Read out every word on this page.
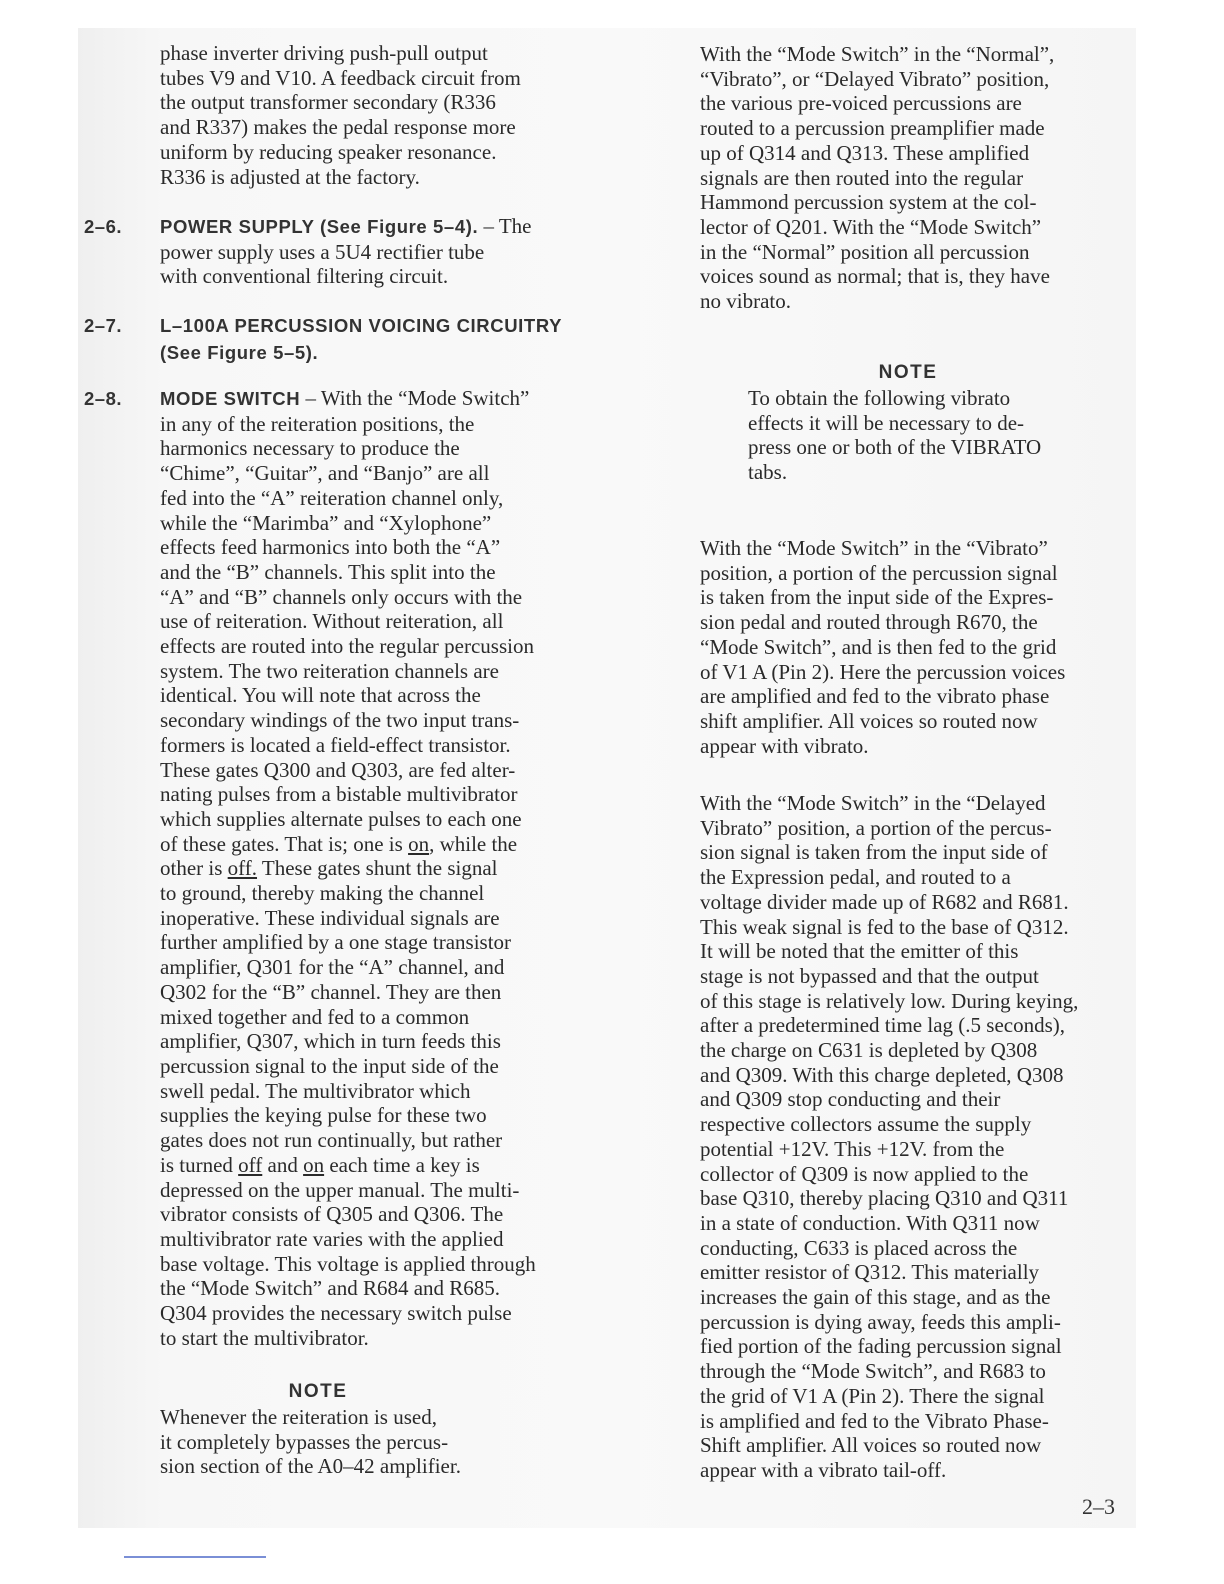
phase inverter driving push-pull output
tubes V9 and V10. A feedback circuit from
the output transformer secondary (R336
and R337) makes the pedal response more
uniform by reducing speaker resonance.
R336 is adjusted at the factory.

2–6. POWER SUPPLY (See Figure 5–4). – The

power supply uses a 5U4 rectifier tube
with conventional filtering circuit.

2–7. L–100A PERCUSSION VOICING CIRCUITRY
(See Figure 5–5).
2–8. MODE SWITCH – With the “Mode Switch”

in any of the reiteration positions, the
harmonics necessary to produce the
“Chime”, “Guitar”, and “Banjo” are all
fed into the “A” reiteration channel only,
while the “Marimba” and “Xylophone”
effects feed harmonics into both the “A”
and the “B” channels. This split into the
“A” and “B” channels only occurs with the
use of reiteration. Without reiteration, all
effects are routed into the regular percussion
system. The two reiteration channels are
identical. You will note that across the
secondary windings of the two input trans-
formers is located a field-effect transistor.
These gates Q300 and Q303, are fed alter-
nating pulses from a bistable multivibrator
which supplies alternate pulses to each one
of these gates. That is; one is on, while the
other is off. These gates shunt the signal
to ground, thereby making the channel
inoperative. These individual signals are
further amplified by a one stage transistor
amplifier, Q301 for the “A” channel, and
Q302 for the “B” channel. They are then
mixed together and fed to a common
amplifier, Q307, which in turn feeds this
percussion signal to the input side of the
swell pedal. The multivibrator which
supplies the keying pulse for these two
gates does not run continually, but rather
is turned off and on each time a key is
depressed on the upper manual. The multi-
vibrator consists of Q305 and Q306. The
multivibrator rate varies with the applied
base voltage. This voltage is applied through
the “Mode Switch” and R684 and R685.
Q304 provides the necessary switch pulse
to start the multivibrator.

NOTE

Whenever the reiteration is used,
it completely bypasses the percus-
sion section of the A0–42 amplifier.

With the “Mode Switch” in the “Normal”,
“Vibrato”, or “Delayed Vibrato” position,
the various pre-voiced percussions are
routed to a percussion preamplifier made
up of Q314 and Q313. These amplified
signals are then routed into the regular
Hammond percussion system at the col-
lector of Q201. With the “Mode Switch”
in the “Normal” position all percussion
voices sound as normal; that is, they have
no vibrato.

NOTE

To obtain the following vibrato
effects it will be necessary to de-
press one or both of the VIBRATO
tabs.

With the “Mode Switch” in the “Vibrato”
position, a portion of the percussion signal
is taken from the input side of the Expres-
sion pedal and routed through R670, the
“Mode Switch”, and is then fed to the grid
of V1 A (Pin 2). Here the percussion voices
are amplified and fed to the vibrato phase
shift amplifier. All voices so routed now
appear with vibrato.

With the “Mode Switch” in the “Delayed
Vibrato” position, a portion of the percus-
sion signal is taken from the input side of
the Expression pedal, and routed to a
voltage divider made up of R682 and R681.
This weak signal is fed to the base of Q312.
It will be noted that the emitter of this
stage is not bypassed and that the output
of this stage is relatively low. During keying,
after a predetermined time lag (.5 seconds),
the charge on C631 is depleted by Q308
and Q309. With this charge depleted, Q308
and Q309 stop conducting and their
respective collectors assume the supply
potential +12V. This +12V. from the
collector of Q309 is now applied to the
base Q310, thereby placing Q310 and Q311
in a state of conduction. With Q311 now
conducting, C633 is placed across the
emitter resistor of Q312. This materially
increases the gain of this stage, and as the
percussion is dying away, feeds this ampli-
fied portion of the fading percussion signal
through the “Mode Switch”, and R683 to
the grid of V1 A (Pin 2). There the signal
is amplified and fed to the Vibrato Phase-
Shift amplifier. All voices so routed now
appear with a vibrato tail-off.

2–3
